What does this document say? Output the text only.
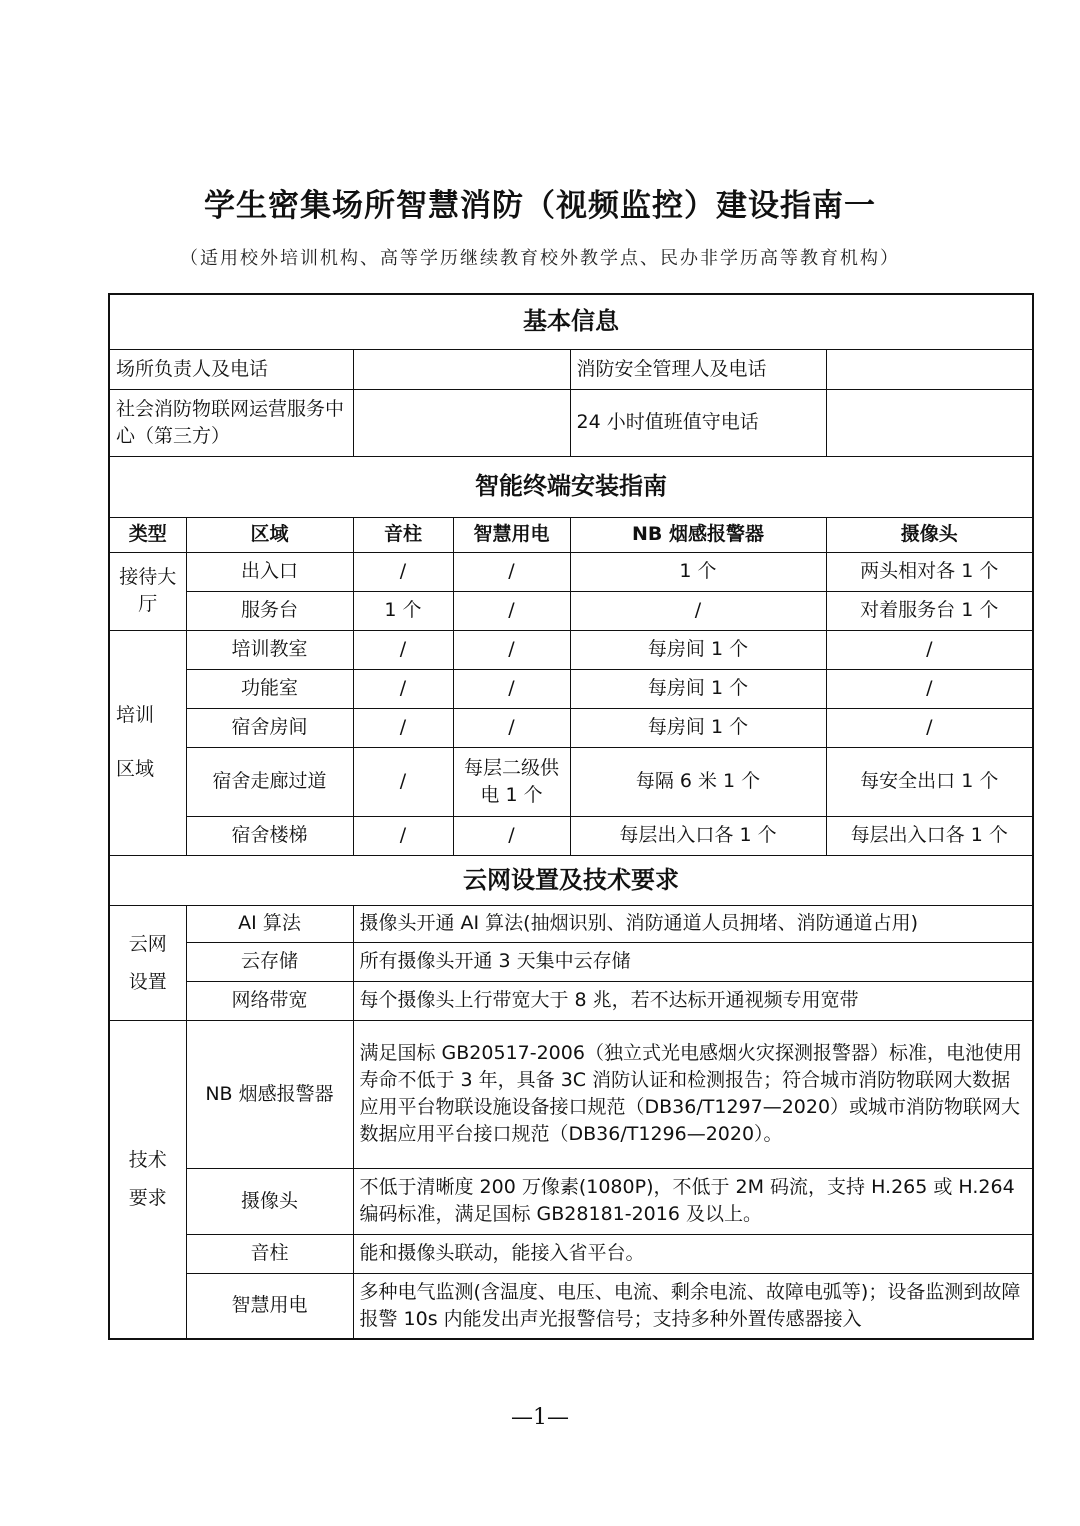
学生密集场所智慧消防（视频监控）建设指南一
（适用校外培训机构、高等学历继续教育校外教学点、民办非学历高等教育机构）
基本信息					
场所负责人及电话				消防安全管理人及电话	
社会消防物联网运营服务中心（第三方）				24 小时值班值守电话	
智能终端安装指南					
类型	区域	音柱	智慧用电	NB 烟感报警器	摄像头
接待大厅	出入口	/	/	1 个	两头相对各 1 个
	服务台	1 个	/	/	对着服务台 1 个
培训

区域	培训教室	/	/	每房间 1 个	/
	功能室	/	/	每房间 1 个	/
	宿舍房间	/	/	每房间 1 个	/
	宿舍走廊过道	/	每层二级供电 1 个	每隔 6 米 1 个	每安全出口 1 个
	宿舍楼梯	/	/	每层出入口各 1 个	每层出入口各 1 个
云网设置及技术要求					
云网
设置	AI 算法	摄像头开通 AI 算法(抽烟识别、消防通道人员拥堵、消防通道占用)			
	云存储	所有摄像头开通 3 天集中云存储			
	网络带宽	每个摄像头上行带宽大于 8 兆，若不达标开通视频专用宽带			
技术
要求	NB 烟感报警器	满足国标 GB20517-2006（独立式光电感烟火灾探测报警器）标准，电池使用寿命不低于 3 年，具备 3C 消防认证和检测报告；符合城市消防物联网大数据应用平台物联设施设备接口规范（DB36/T1297—2020）或城市消防物联网大数据应用平台接口规范（DB36/T1296—2020）。			
	摄像头	不低于清晰度 200 万像素(1080P)，不低于 2M 码流，支持 H.265 或 H.264 编码标准，满足国标 GB28181-2016 及以上。			
	音柱	能和摄像头联动，能接入省平台。			
	智慧用电	多种电气监测(含温度、电压、电流、剩余电流、故障电弧等)；设备监测到故障报警 10s 内能发出声光报警信号；支持多种外置传感器接入			
—1—
